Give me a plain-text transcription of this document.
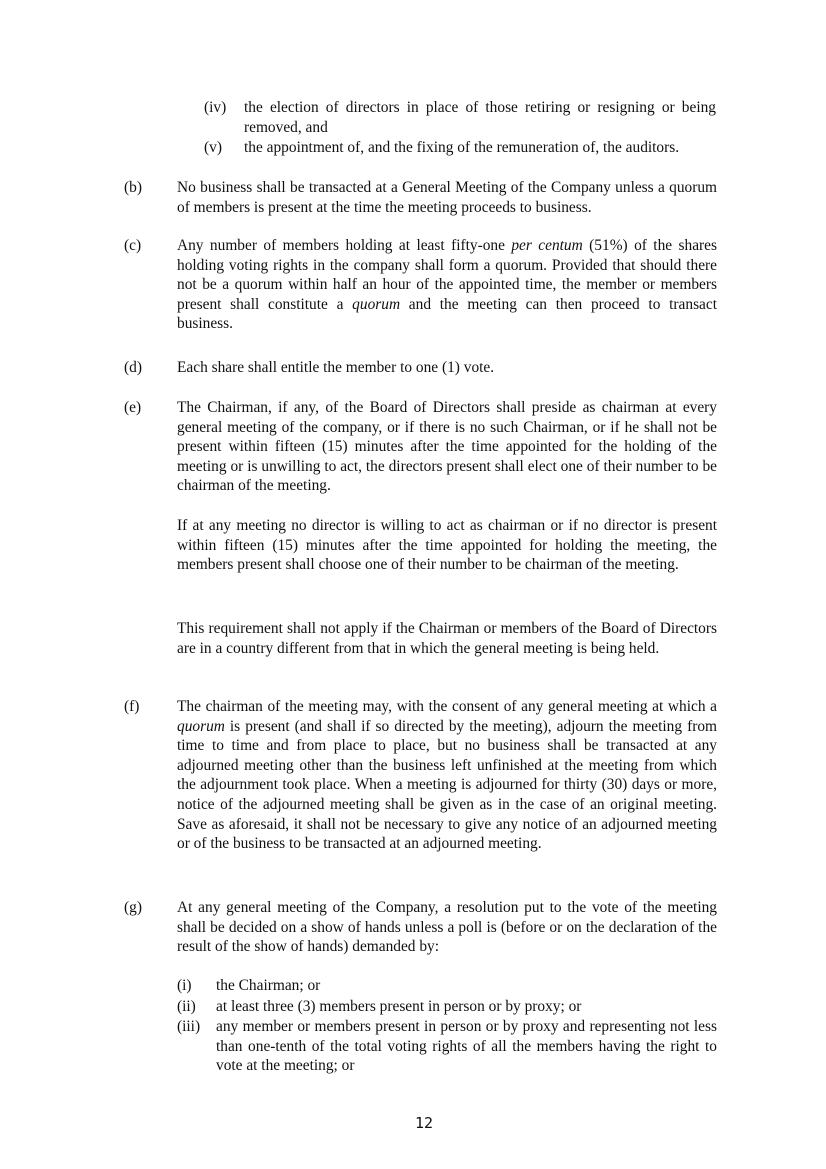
(iv) the election of directors in place of those retiring or resigning or being removed, and
(v) the appointment of, and the fixing of the remuneration of, the auditors.
(b) No business shall be transacted at a General Meeting of the Company unless a quorum of members is present at the time the meeting proceeds to business.
(c) Any number of members holding at least fifty-one per centum (51%) of the shares holding voting rights in the company shall form a quorum. Provided that should there not be a quorum within half an hour of the appointed time, the member or members present shall constitute a quorum and the meeting can then proceed to transact business.
(d) Each share shall entitle the member to one (1) vote.
(e) The Chairman, if any, of the Board of Directors shall preside as chairman at every general meeting of the company, or if there is no such Chairman, or if he shall not be present within fifteen (15) minutes after the time appointed for the holding of the meeting or is unwilling to act, the directors present shall elect one of their number to be chairman of the meeting.
If at any meeting no director is willing to act as chairman or if no director is present within fifteen (15) minutes after the time appointed for holding the meeting, the members present shall choose one of their number to be chairman of the meeting.
This requirement shall not apply if the Chairman or members of the Board of Directors are in a country different from that in which the general meeting is being held.
(f) The chairman of the meeting may, with the consent of any general meeting at which a quorum is present (and shall if so directed by the meeting), adjourn the meeting from time to time and from place to place, but no business shall be transacted at any adjourned meeting other than the business left unfinished at the meeting from which the adjournment took place. When a meeting is adjourned for thirty (30) days or more, notice of the adjourned meeting shall be given as in the case of an original meeting. Save as aforesaid, it shall not be necessary to give any notice of an adjourned meeting or of the business to be transacted at an adjourned meeting.
(g) At any general meeting of the Company, a resolution put to the vote of the meeting shall be decided on a show of hands unless a poll is (before or on the declaration of the result of the show of hands) demanded by:
(i) the Chairman; or
(ii) at least three (3) members present in person or by proxy; or
(iii) any member or members present in person or by proxy and representing not less than one-tenth of the total voting rights of all the members having the right to vote at the meeting; or
12
